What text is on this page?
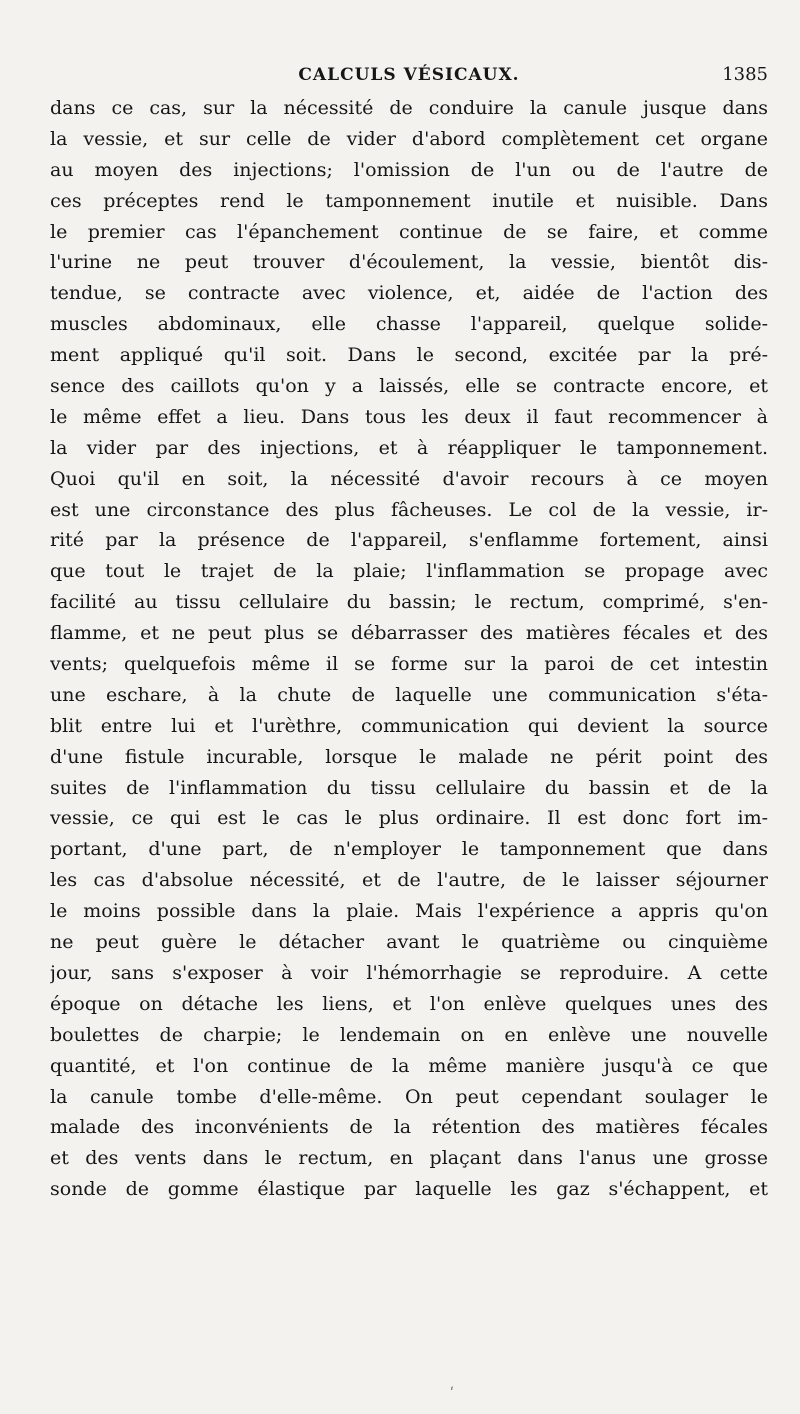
CALCULS VÉSICAUX.	1385
dans ce cas, sur la nécessité de conduire la canule jusque dans
la vessie, et sur celle de vider d'abord complètement cet organe
au moyen des injections; l'omission de l'un ou de l'autre de
ces préceptes rend le tamponnement inutile et nuisible. Dans
le premier cas l'épanchement continue de se faire, et comme
l'urine ne peut trouver d'écoulement, la vessie, bientôt dis-
tendue, se contracte avec violence, et, aidée de l'action des
muscles abdominaux, elle chasse l'appareil, quelque solide-
ment appliqué qu'il soit. Dans le second, excitée par la pré-
sence des caillots qu'on y a laissés, elle se contracte encore, et
le même effet a lieu. Dans tous les deux il faut recommencer à
la vider par des injections, et à réappliquer le tamponnement.
Quoi qu'il en soit, la nécessité d'avoir recours à ce moyen
est une circonstance des plus fâcheuses. Le col de la vessie, ir-
rité par la présence de l'appareil, s'enflamme fortement, ainsi
que tout le trajet de la plaie; l'inflammation se propage avec
facilité au tissu cellulaire du bassin; le rectum, comprimé, s'en-
flamme, et ne peut plus se débarrasser des matières fécales et des
vents; quelquefois même il se forme sur la paroi de cet intestin
une eschare, à la chute de laquelle une communication s'éta-
blit entre lui et l'urèthre, communication qui devient la source
d'une fistule incurable, lorsque le malade ne périt point des
suites de l'inflammation du tissu cellulaire du bassin et de la
vessie, ce qui est le cas le plus ordinaire. Il est donc fort im-
portant, d'une part, de n'employer le tamponnement que dans
les cas d'absolue nécessité, et de l'autre, de le laisser séjourner
le moins possible dans la plaie. Mais l'expérience a appris qu'on
ne peut guère le détacher avant le quatrième ou cinquième
jour, sans s'exposer à voir l'hémorrhagie se reproduire. A cette
époque on détache les liens, et l'on enlève quelques unes des
boulettes de charpie; le lendemain on en enlève une nouvelle
quantité, et l'on continue de la même manière jusqu'à ce que
la canule tombe d'elle-même. On peut cependant soulager le
malade des inconvénients de la rétention des matières fécales
et des vents dans le rectum, en plaçant dans l'anus une grosse
sonde de gomme élastique par laquelle les gaz s'échappent, et
ʹ
